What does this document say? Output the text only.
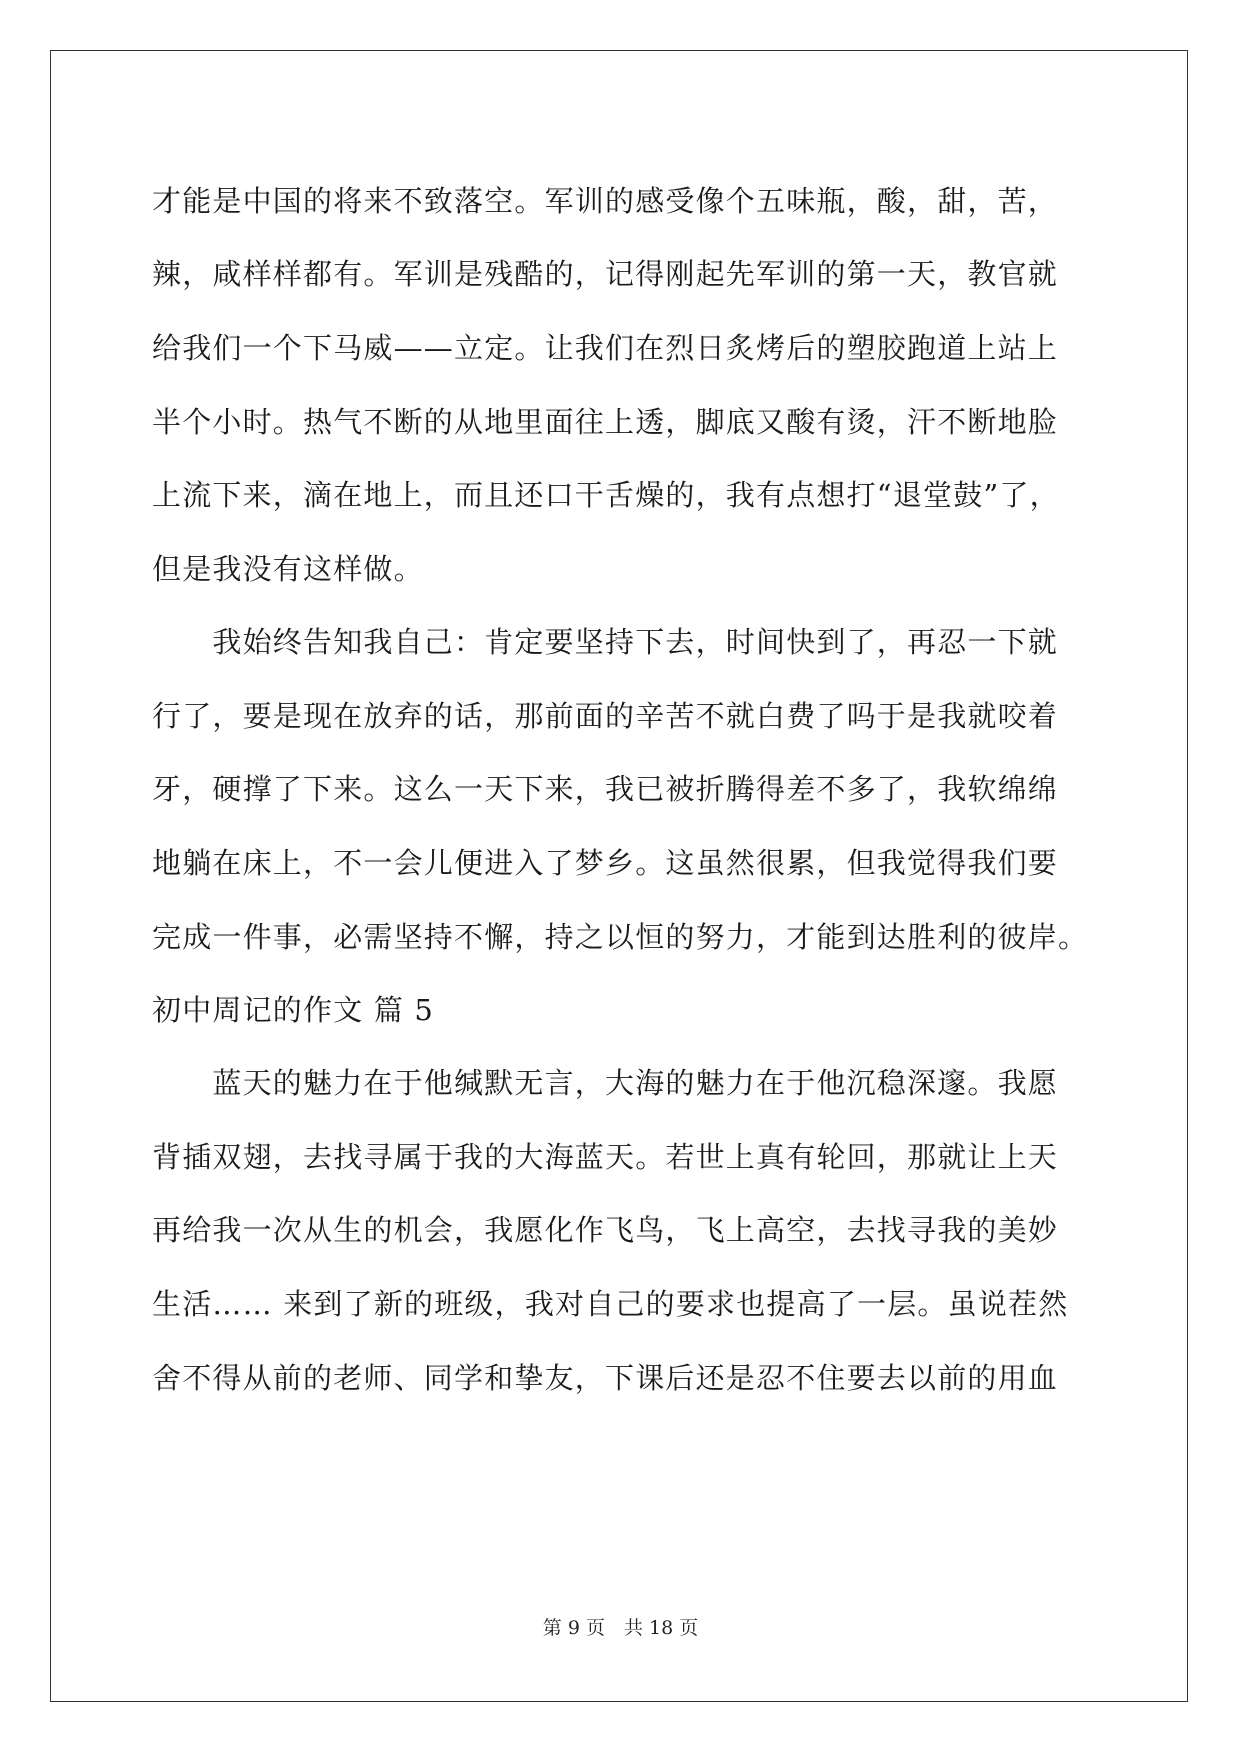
才能是中国的将来不致落空。军训的感受像个五味瓶，酸，甜，苦，
辣，咸样样都有。军训是残酷的，记得刚起先军训的第一天，教官就
给我们一个下马威——立定。让我们在烈日炙烤后的塑胶跑道上站上
半个小时。热气不断的从地里面往上透，脚底又酸有烫，汗不断地脸
上流下来，滴在地上，而且还口干舌燥的，我有点想打“退堂鼓”了，
但是我没有这样做。
　　我始终告知我自己：肯定要坚持下去，时间快到了，再忍一下就
行了，要是现在放弃的话，那前面的辛苦不就白费了吗于是我就咬着
牙，硬撑了下来。这么一天下来，我已被折腾得差不多了，我软绵绵
地躺在床上，不一会儿便进入了梦乡。这虽然很累，但我觉得我们要
完成一件事，必需坚持不懈，持之以恒的努力，才能到达胜利的彼岸。
初中周记的作文 篇 5
　　蓝天的魅力在于他缄默无言，大海的魅力在于他沉稳深邃。我愿
背插双翅，去找寻属于我的大海蓝天。若世上真有轮回，那就让上天
再给我一次从生的机会，我愿化作飞鸟，飞上高空，去找寻我的美妙
生活…… 来到了新的班级，我对自己的要求也提高了一层。虽说茬然
舍不得从前的老师、同学和挚友，下课后还是忍不住要去以前的用血
第 9 页　共 18 页
